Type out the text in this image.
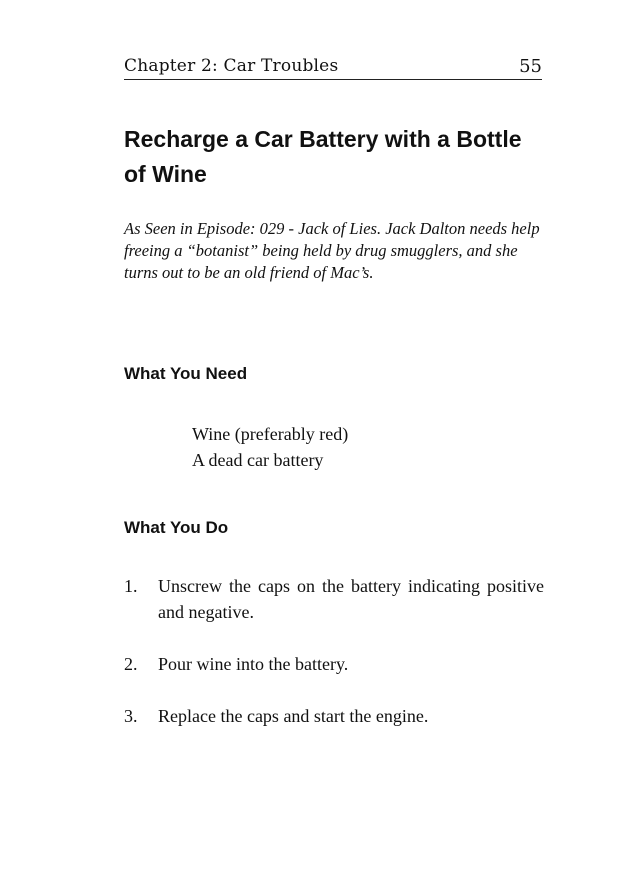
Chapter 2: Car Troubles	55
Recharge a Car Battery with a Bottle of Wine

As Seen in Episode: 029 - Jack of Lies. Jack Dalton needs help freeing a “botanist” being held by drug smugglers, and she turns out to be an old friend of Mac’s.

What You Need
Wine (preferably red)
A dead car battery
What You Do
1. Unscrew the caps on the battery indicating positive and negative.
2. Pour wine into the battery.
3. Replace the caps and start the engine.
